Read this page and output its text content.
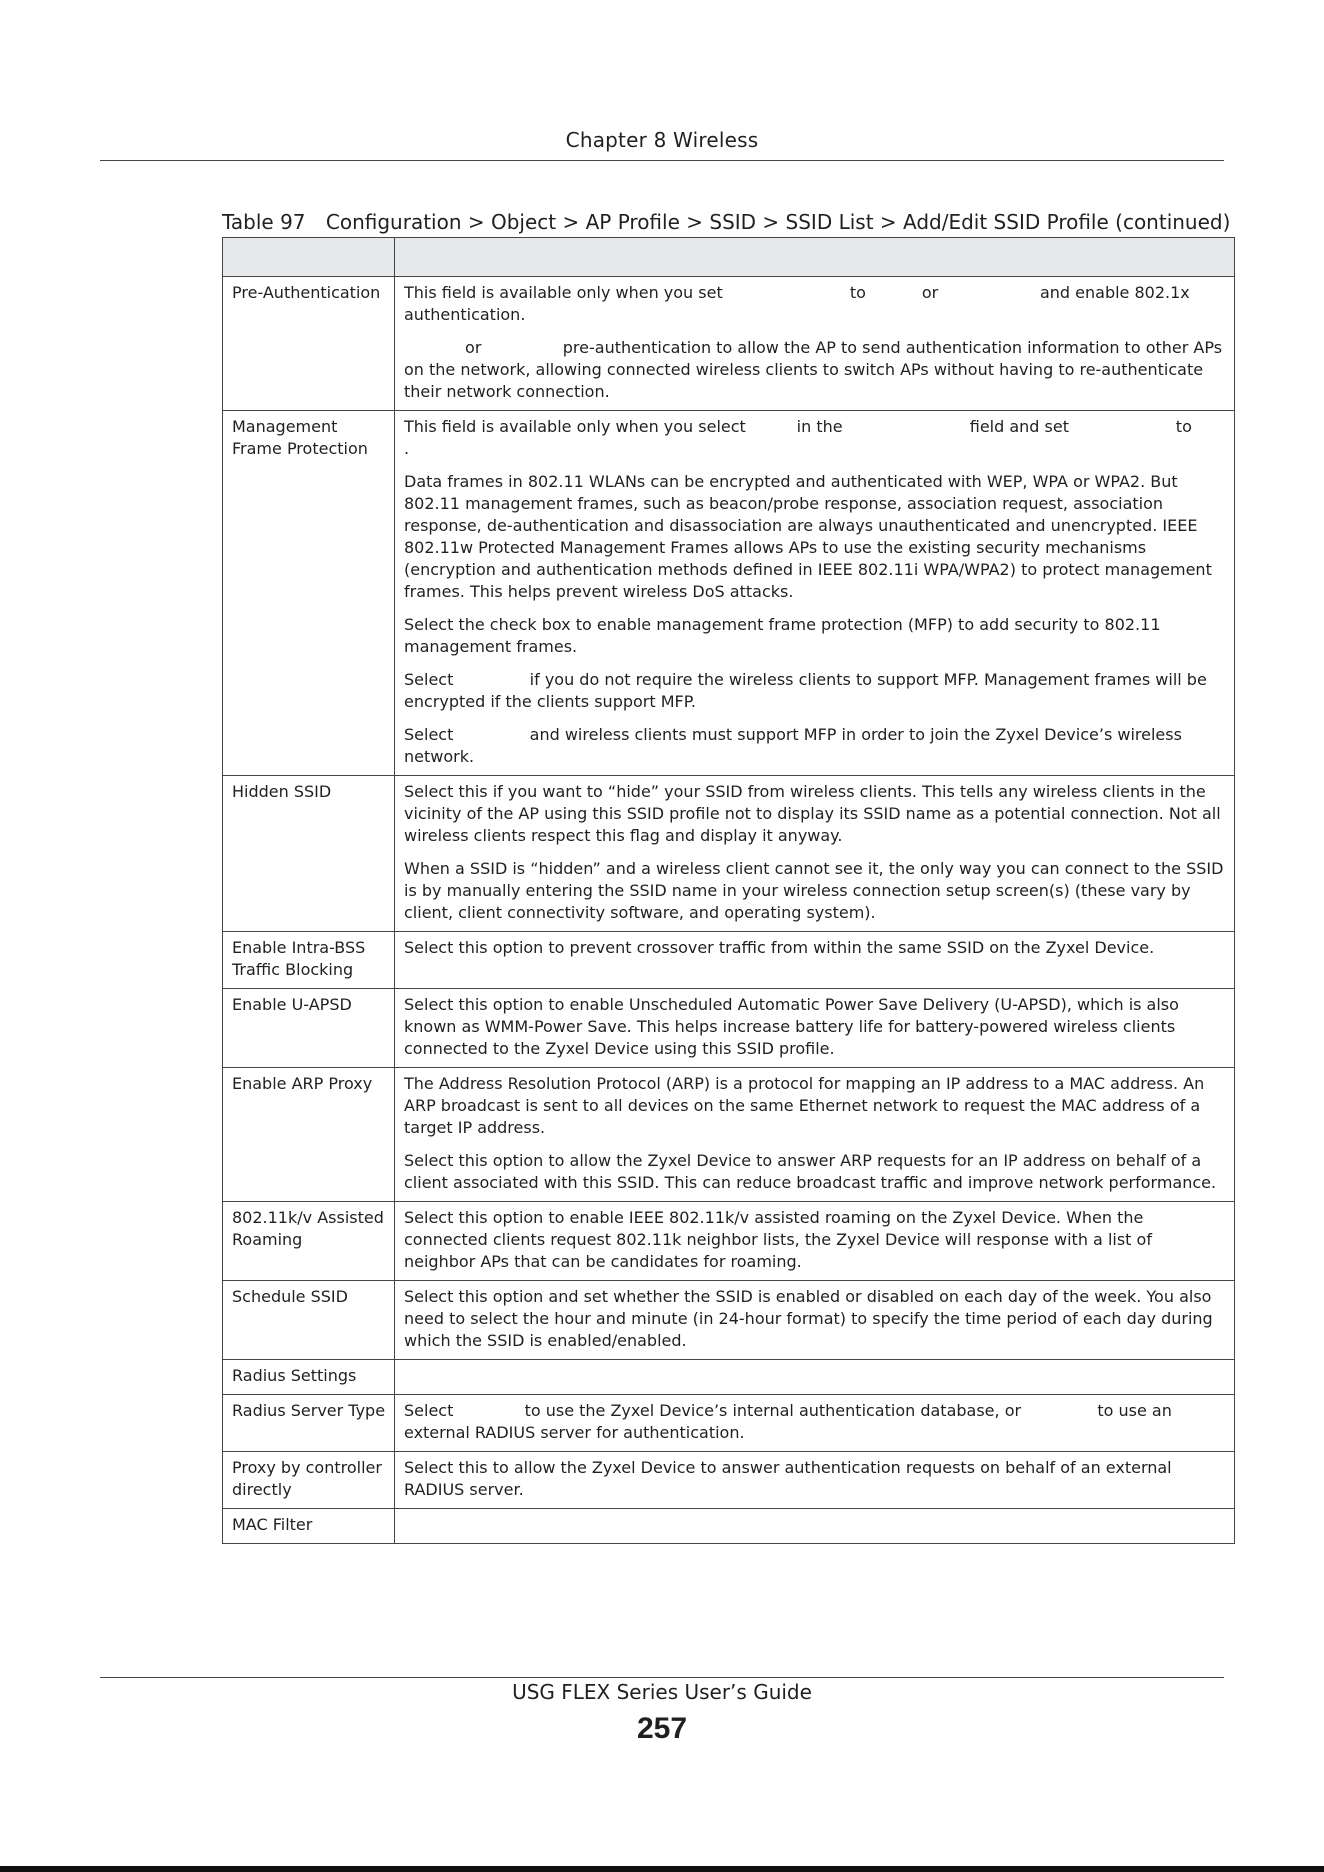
Chapter 8 Wireless
Table 97 Configuration > Object > AP Profile > SSID > SSID List > Add/Edit SSID Profile (continued)

Pre-Authentication	This field is available only when you set                         to           or                    and enable 802.1x authentication.

or                pre-authentication to allow the AP to send authentication information to other APs on the network, allowing connected wireless clients to switch APs without having to re-authenticate their network connection.

Management Frame Protection	This field is available only when you select          in the                         field and set                     to      .

Data frames in 802.11 WLANs can be encrypted and authenticated with WEP, WPA or WPA2. But 802.11 management frames, such as beacon/probe response, association request, association response, de-authentication and disassociation are always unauthenticated and unencrypted. IEEE 802.11w Protected Management Frames allows APs to use the existing security mechanisms (encryption and authentication methods defined in IEEE 802.11i WPA/WPA2) to protect management frames. This helps prevent wireless DoS attacks.

Select the check box to enable management frame protection (MFP) to add security to 802.11 management frames.

Select               if you do not require the wireless clients to support MFP. Management frames will be encrypted if the clients support MFP.

Select               and wireless clients must support MFP in order to join the Zyxel Device’s wireless network.

Hidden SSID	Select this if you want to “hide” your SSID from wireless clients. This tells any wireless clients in the vicinity of the AP using this SSID profile not to display its SSID name as a potential connection. Not all wireless clients respect this flag and display it anyway.

When a SSID is “hidden” and a wireless client cannot see it, the only way you can connect to the SSID is by manually entering the SSID name in your wireless connection setup screen(s) (these vary by client, client connectivity software, and operating system).

Enable Intra-BSS Traffic Blocking	Select this option to prevent crossover traffic from within the same SSID on the Zyxel Device.

Enable U-APSD	Select this option to enable Unscheduled Automatic Power Save Delivery (U-APSD), which is also known as WMM-Power Save. This helps increase battery life for battery-powered wireless clients connected to the Zyxel Device using this SSID profile.

Enable ARP Proxy	The Address Resolution Protocol (ARP) is a protocol for mapping an IP address to a MAC address. An ARP broadcast is sent to all devices on the same Ethernet network to request the MAC address of a target IP address.

Select this option to allow the Zyxel Device to answer ARP requests for an IP address on behalf of a client associated with this SSID. This can reduce broadcast traffic and improve network performance.

802.11k/v Assisted Roaming	Select this option to enable IEEE 802.11k/v assisted roaming on the Zyxel Device. When the connected clients request 802.11k neighbor lists, the Zyxel Device will response with a list of neighbor APs that can be candidates for roaming.

Schedule SSID	Select this option and set whether the SSID is enabled or disabled on each day of the week. You also need to select the hour and minute (in 24-hour format) to specify the time period of each day during which the SSID is enabled/enabled.

Radius Settings	

Radius Server Type	Select              to use the Zyxel Device’s internal authentication database, or               to use an external RADIUS server for authentication.

Proxy by controller directly	Select this to allow the Zyxel Device to answer authentication requests on behalf of an external RADIUS server.

MAC Filter	

USG FLEX Series User’s Guide
257
